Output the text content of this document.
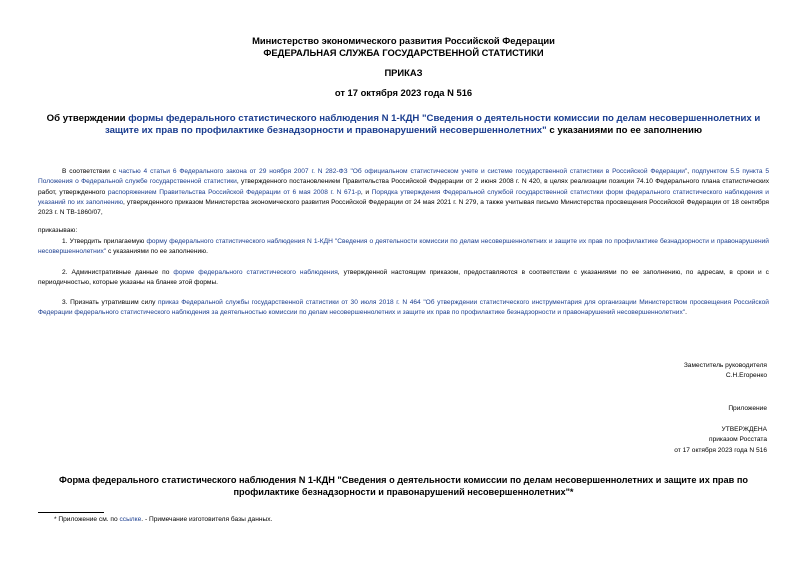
Министерство экономического развития Российской Федерации
ФЕДЕРАЛЬНАЯ СЛУЖБА ГОСУДАРСТВЕННОЙ СТАТИСТИКИ
ПРИКАЗ
от 17 октября 2023 года N 516
Об утверждении формы федерального статистического наблюдения N 1-КДН "Сведения о деятельности комиссии по делам несовершеннолетних и защите их прав по профилактике безнадзорности и правонарушений несовершеннолетних" с указаниями по ее заполнению
В соответствии с частью 4 статьи 6 Федерального закона от 29 ноября 2007 г. N 282-ФЗ "Об официальном статистическом учете и системе государственной статистики в Российской Федерации", подпунктом 5.5 пункта 5 Положения о Федеральной службе государственной статистики, утвержденного постановлением Правительства Российской Федерации от 2 июня 2008 г. N 420, в целях реализации позиции 74.10 Федерального плана статистических работ, утвержденного распоряжением Правительства Российской Федерации от 6 мая 2008 г. N 671-р, и Порядка утверждения Федеральной службой государственной статистики форм федерального статистического наблюдения и указаний по их заполнению, утвержденного приказом Министерства экономического развития Российской Федерации от 24 мая 2021 г. N 279, а также учитывая письмо Министерства просвещения Российской Федерации от 18 сентября 2023 г. N ТВ-1860/07,
приказываю:
1. Утвердить прилагаемую форму федерального статистического наблюдения N 1-КДН "Сведения о деятельности комиссии по делам несовершеннолетних и защите их прав по профилактике безнадзорности и правонарушений несовершеннолетних" с указаниями по ее заполнению.
2. Административные данные по форме федерального статистического наблюдения, утвержденной настоящим приказом, предоставляются в соответствии с указаниями по ее заполнению, по адресам, в сроки и с периодичностью, которые указаны на бланке этой формы.
3. Признать утратившим силу приказ Федеральной службы государственной статистики от 30 июля 2018 г. N 464 "Об утверждении статистического инструментария для организации Министерством просвещения Российской Федерации федерального статистического наблюдения за деятельностью комиссии по делам несовершеннолетних и защите их прав по профилактике безнадзорности и правонарушений несовершеннолетних".
Заместитель руководителя
С.Н.Егоренко
Приложение
УТВЕРЖДЕНА
приказом Росстата
от 17 октября 2023 года N 516
Форма федерального статистического наблюдения N 1-КДН "Сведения о деятельности комиссии по делам несовершеннолетних и защите их прав по профилактике безнадзорности и правонарушений несовершеннолетних"*
* Приложение см. по ссылке. - Примечание изготовителя базы данных.
